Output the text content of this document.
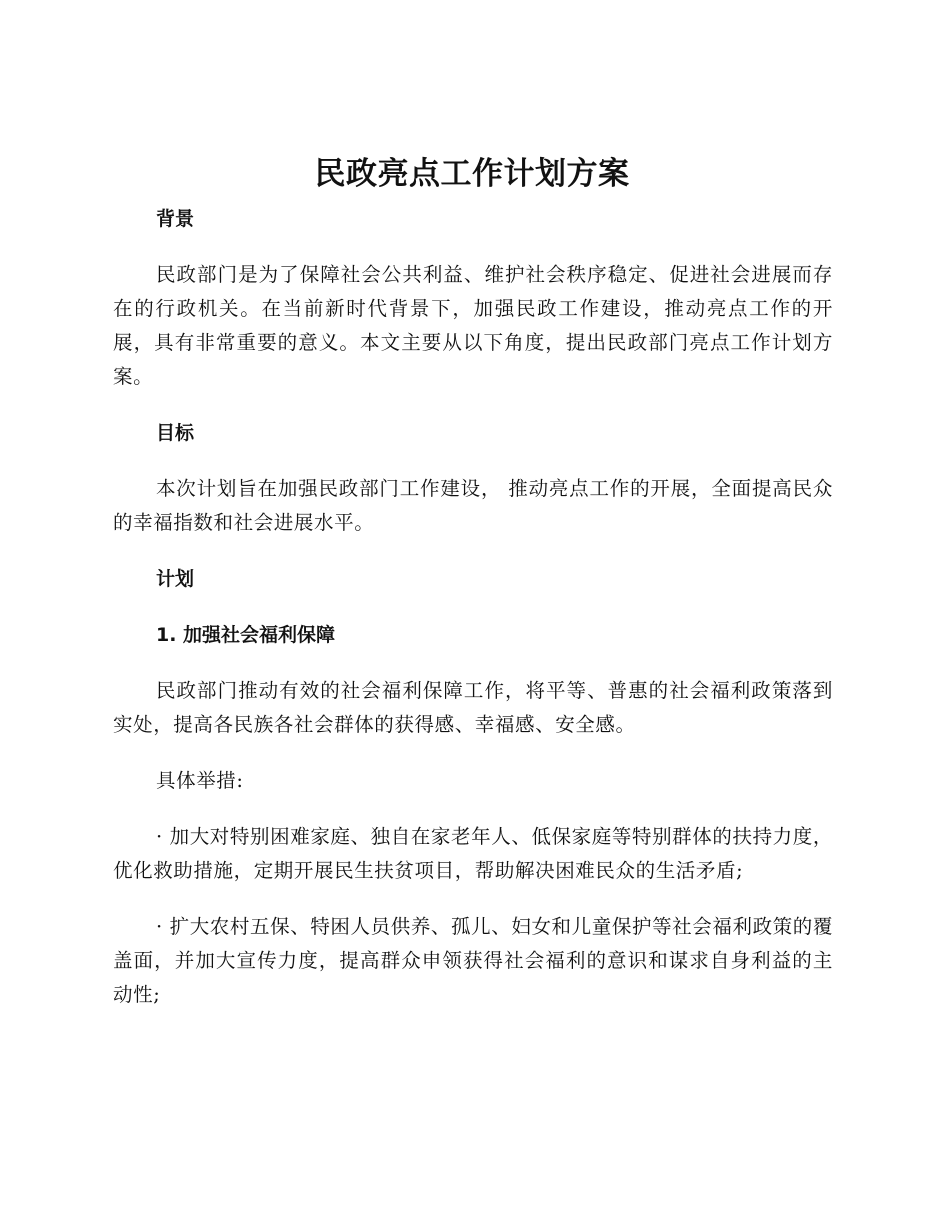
民政亮点工作计划方案
背景

民政部门是为了保障社会公共利益、维护社会秩序稳定、促进社会进展而存在的行政机关。在当前新时代背景下，加强民政工作建设，推动亮点工作的开展，具有非常重要的意义。本文主要从以下角度，提出民政部门亮点工作计划方案。

目标

本次计划旨在加强民政部门工作建设， 推动亮点工作的开展，全面提高民众的幸福指数和社会进展水平。

计划
1. 加强社会福利保障

民政部门推动有效的社会福利保障工作，将平等、普惠的社会福利政策落到实处，提高各民族各社会群体的获得感、幸福感、安全感。

具体举措:

· 加大对特别困难家庭、独自在家老年人、低保家庭等特别群体的扶持力度，优化救助措施，定期开展民生扶贫项目，帮助解决困难民众的生活矛盾;

· 扩大农村五保、特困人员供养、孤儿、妇女和儿童保护等社会福利政策的覆盖面，并加大宣传力度，提高群众申领获得社会福利的意识和谋求自身利益的主动性;
